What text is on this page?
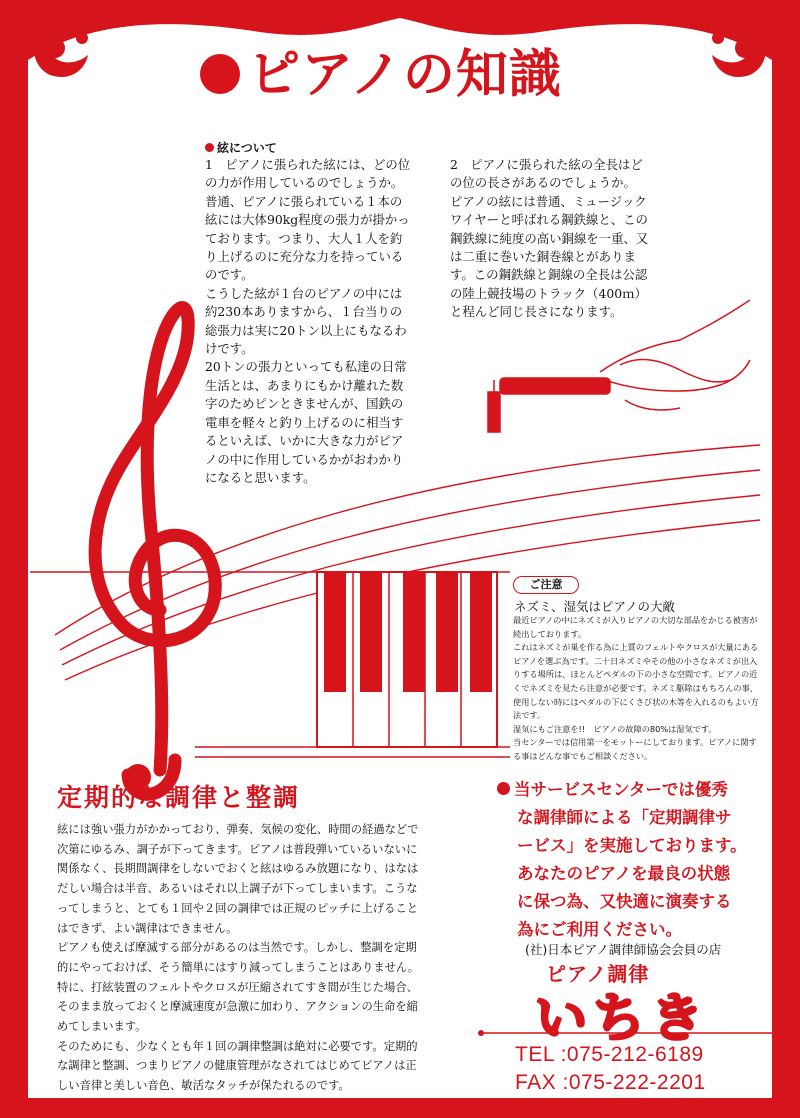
ピアノの知識
絃について

1　ピアノに張られた絃には、どの位の力が作用しているのでしょうか。

普通、ピアノに張られている１本の絃には大体90kg程度の張力が掛かっております。つまり、大人１人を釣り上げるのに充分な力を持っているのです。

こうした絃が１台のピアノの中には約230本ありますから、１台当りの総張力は実に20トン以上にもなるわけです。

20トンの張力といっても私達の日常生活とは、あまりにもかけ離れた数字のためピンときませんが、国鉄の電車を軽々と釣り上げるのに相当するといえば、いかに大きな力がピアノの中に作用しているかがおわかりになると思います。

2　ピアノに張られた絃の全長はどの位の長さがあるのでしょうか。

ピアノの絃には普通、ミュージックワイヤーと呼ばれる鋼鉄線と、この鋼鉄線に純度の高い銅線を一重、又は二重に巻いた銅巻線とがあります。この鋼鉄線と銅線の全長は公認の陸上競技場のトラック（400ｍ）と程んど同じ長さになります。

ご注意
ネズミ、湿気はピアノの大敵

最近ピアノの中にネズミが入りピアノの大切な部品をかじる被害が続出しております。

これはネズミが巣を作る為に上質のフェルトやクロスが大量にあるピアノを選ぶ為です。二十日ネズミやその他の小さなネズミが出入りする場所は、ほとんどペダルの下の小さな空間です。ピアノの近くでネズミを見たら注意が必要です。ネズミ駆除はもちろんの事、使用しない時にはペダルの下にくさび状の木等を入れるのもよい方法です。

湿気にもご注意を!!　ピアノの故障の80%は湿気です。

当センターでは信用第一をモットーにしております。ピアノに関する事はどんな事でもご相談ください。

定期的な調律と整調

絃には強い張力がかかっており、弾奏、気候の変化、時間の経過などで次第にゆるみ、調子が下ってきます。ピアノは普段弾いているいないに関係なく、長期間調律をしないでおくと絃はゆるみ放題になり、はなはだしい場合は半音、あるいはそれ以上調子が下ってしまいます。こうなってしまうと、とても１回や２回の調律では正規のピッチに上げることはできず、よい調律はできません。

ピアノも使えば摩滅する部分があるのは当然です。しかし、整調を定期的にやっておけば、そう簡単にはすり減ってしまうことはありません。特に、打絃装置のフェルトやクロスが圧縮されてすき間が生じた場合、そのまま放っておくと摩滅速度が急激に加わり、アクションの生命を縮めてしまいます。

そのためにも、少なくとも年１回の調律整調は絶対に必要です。定期的な調律と整調、つまりピアノの健康管理がなされてはじめてピアノは正しい音律と美しい音色、敏活なタッチが保たれるのです。

当サービスセンターでは優秀
な調律師による「定期調律サ
ービス」を実施しております。
あなたのピアノを最良の状態
に保つ為、又快適に演奏する
為にご利用ください。
(社)日本ピアノ調律師協会会員の店
ピアノ調律
いちき
TEL :075-212-6189
FAX :075-222-2201
